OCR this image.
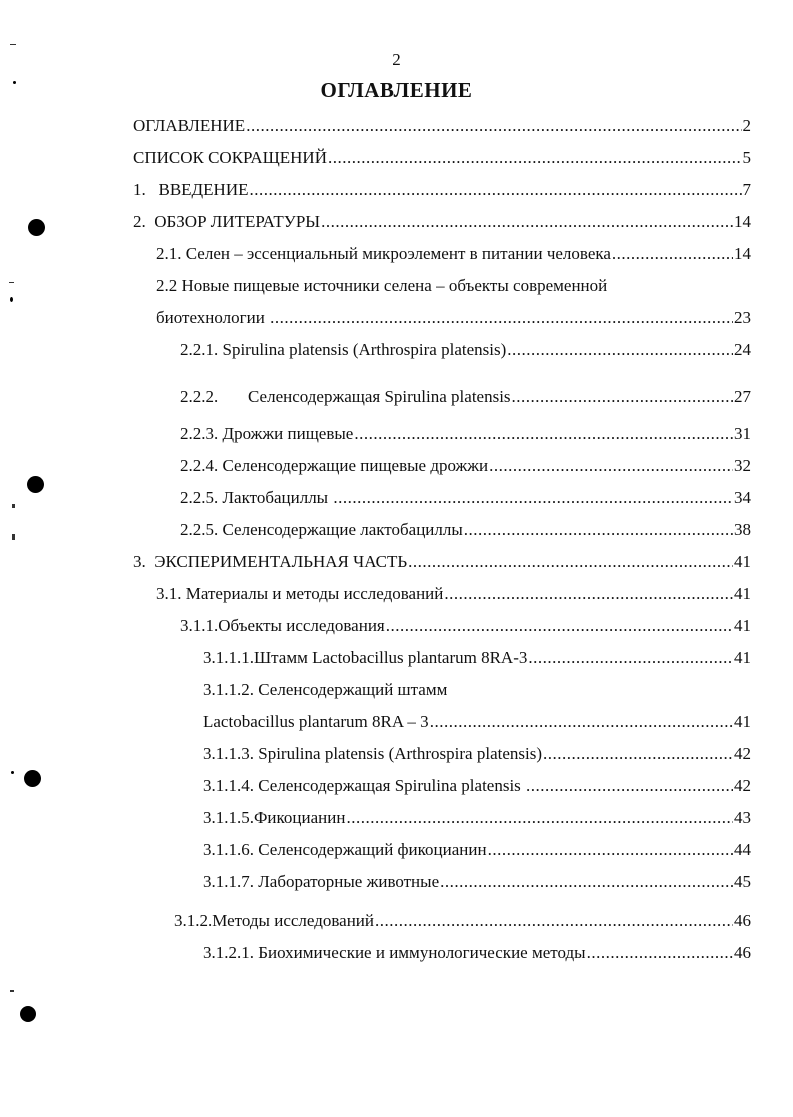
2
ОГЛАВЛЕНИЕ
ОГЛАВЛЕНИЕ .....	2
СПИСОК СОКРАЩЕНИЙ .....	5
1.   ВВЕДЕНИЕ .....	7
2.  ОБЗОР ЛИТЕРАТУРЫ .....	14
2.1. Селен – эссенциальный микроэлемент в питании человека .....	14
2.2 Новые пищевые источники селена – объекты современной
биотехнологии .....	23
2.2.1. Spirulina platensis (Arthrospira platensis) .....	24
2.2.2.       Селенсодержащая Spirulina platensis .....	27
2.2.3. Дрожжи пищевые .....	31
2.2.4. Селенсодержащие пищевые дрожжи .....	32
2.2.5. Лактобациллы .....	34
2.2.5. Селенсодержащие лактобациллы .....	38
3.  ЭКСПЕРИМЕНТАЛЬНАЯ ЧАСТЬ .....	41
3.1. Материалы и методы исследований .....	41
3.1.1.Объекты исследования .....	41
3.1.1.1.Штамм Lactobacillus plantarum 8RA-3 .....	41
3.1.1.2. Селенсодержащий штамм
Lactobacillus plantarum 8RA – 3 .....	41
3.1.1.3. Spirulina platensis (Arthrospira platensis) .....	42
3.1.1.4. Селенсодержащая Spirulina platensis .....	42
3.1.1.5.Фикоцианин .....	43
3.1.1.6. Селенсодержащий фикоцианин .....	44
3.1.1.7. Лабораторные животные .....	45
3.1.2.Методы исследований .....	46
3.1.2.1. Биохимические и иммунологические методы .....	46
